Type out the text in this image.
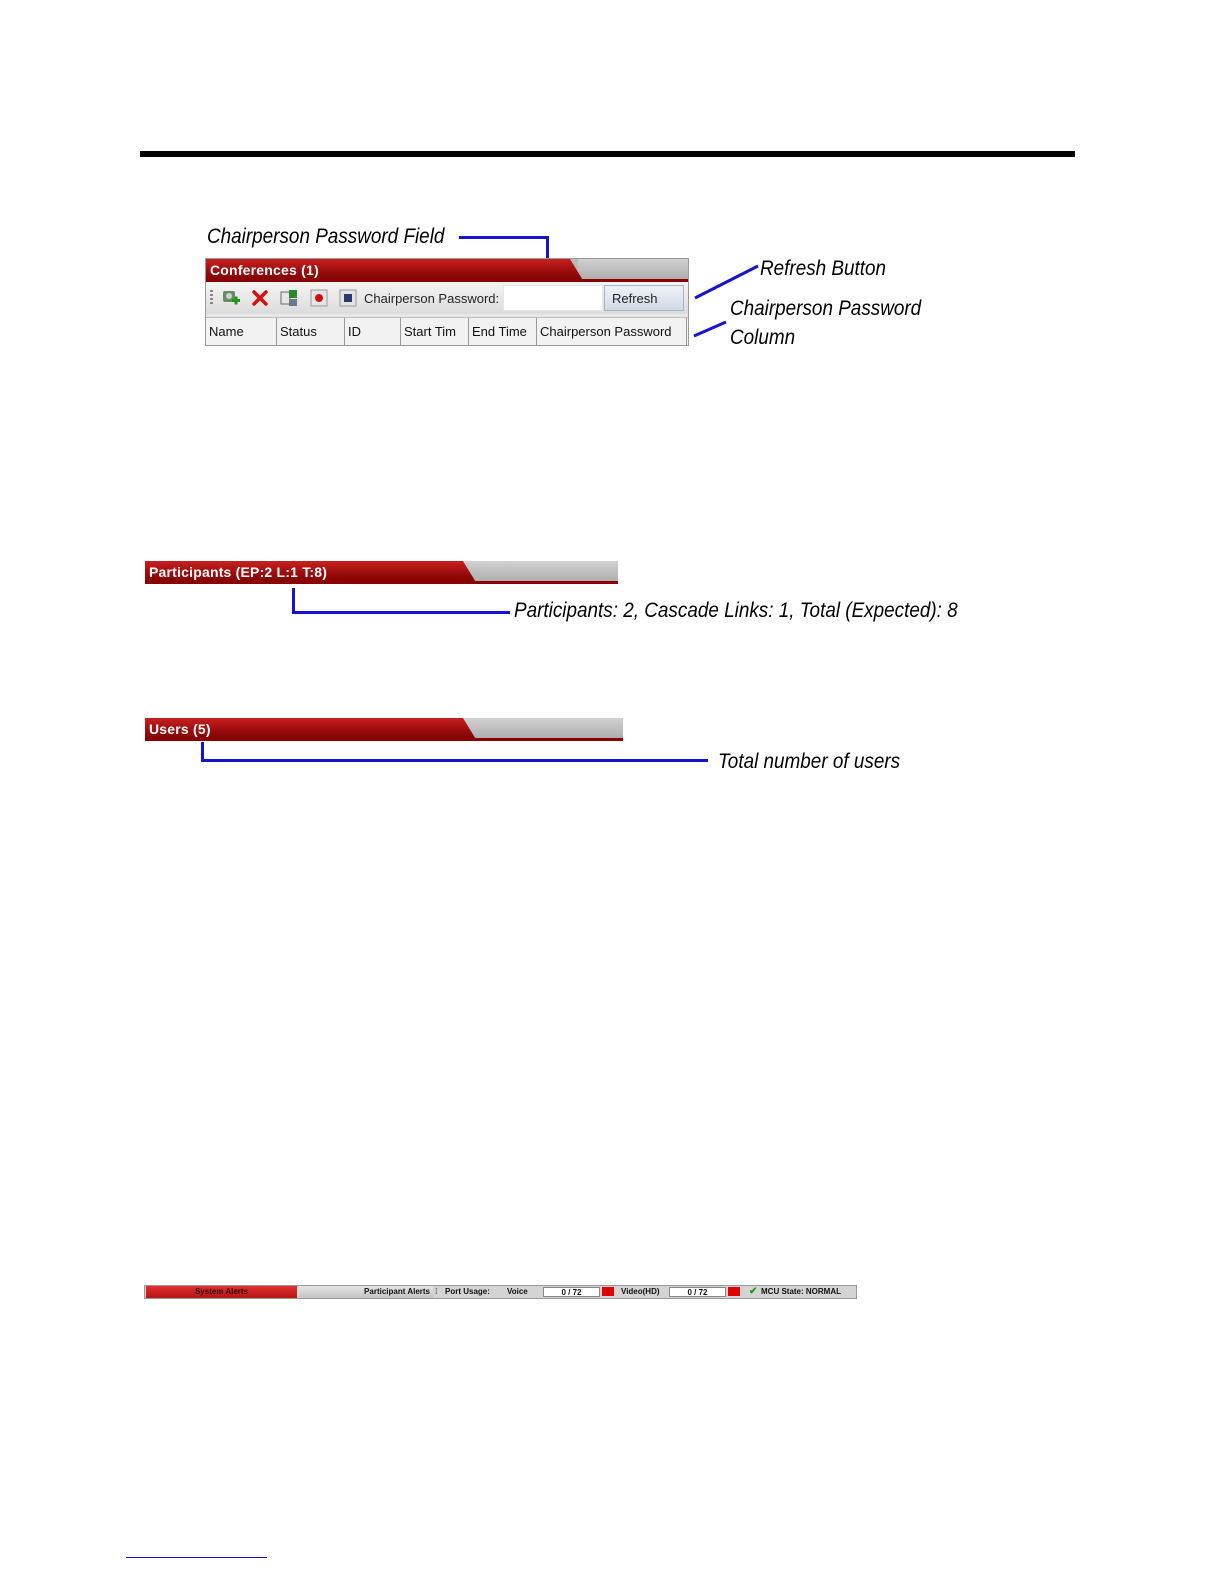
Chairperson Password Field
Conferences (1)
Chairperson Password:	Refresh
Name	Status	ID	Start Tim	End Time	Chairperson Password
Refresh Button
Chairperson Password
Column
Participants (EP:2 L:1 T:8)
Participants: 2, Cascade Links: 1, Total (Expected): 8
Users (5)
Total number of users
System Alerts	Participant Alerts ⁞ Port Usage: Voice	0 / 72	Video(HD)	0 / 72	✔ MCU State: NORMAL
